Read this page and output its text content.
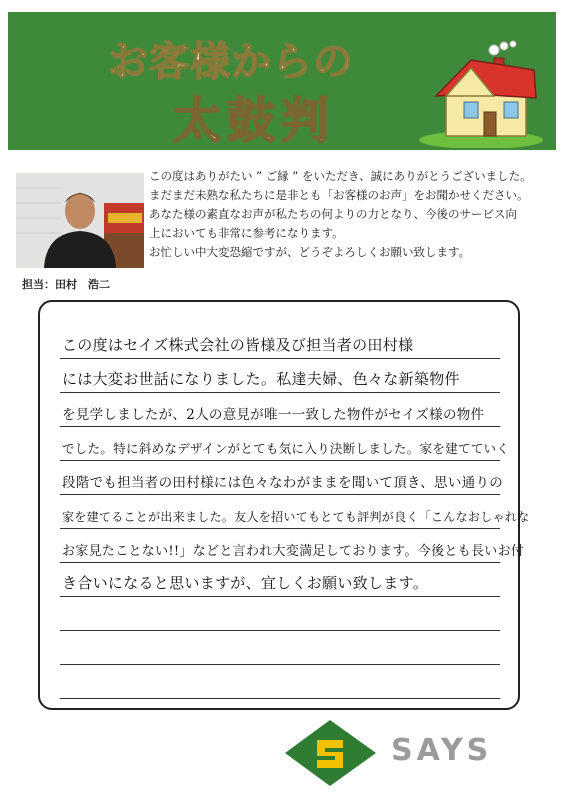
お客様からの
太鼓判
担当：田村　浩二

この度はありがたい ” ご縁 ” をいただき、誠にありがとうございました。

まだまだ未熟な私たちに是非とも「お客様のお声」をお聞かせください。

あなた様の素直なお声が私たちの何よりの力となり、今後のサービス向

上においても非常に参考になります。

お忙しい中大変恐縮ですが、どうぞよろしくお願い致します。

この度はセイズ株式会社の皆様及び担当者の田村様
には大変お世話になりました。私達夫婦、色々な新築物件
を見学しましたが、2人の意見が唯一一致した物件がセイズ様の物件
でした。特に斜めなデザインがとても気に入り決断しました。家を建てていく
段階でも担当者の田村様には色々なわがままを聞いて頂き、思い通りの
家を建てることが出来ました。友人を招いてもとても評判が良く「こんなおしゃれな
お家見たことない!!」などと言われ大変満足しております。今後とも長いお付
き合いになると思いますが、宜しくお願い致します。
SAYS
